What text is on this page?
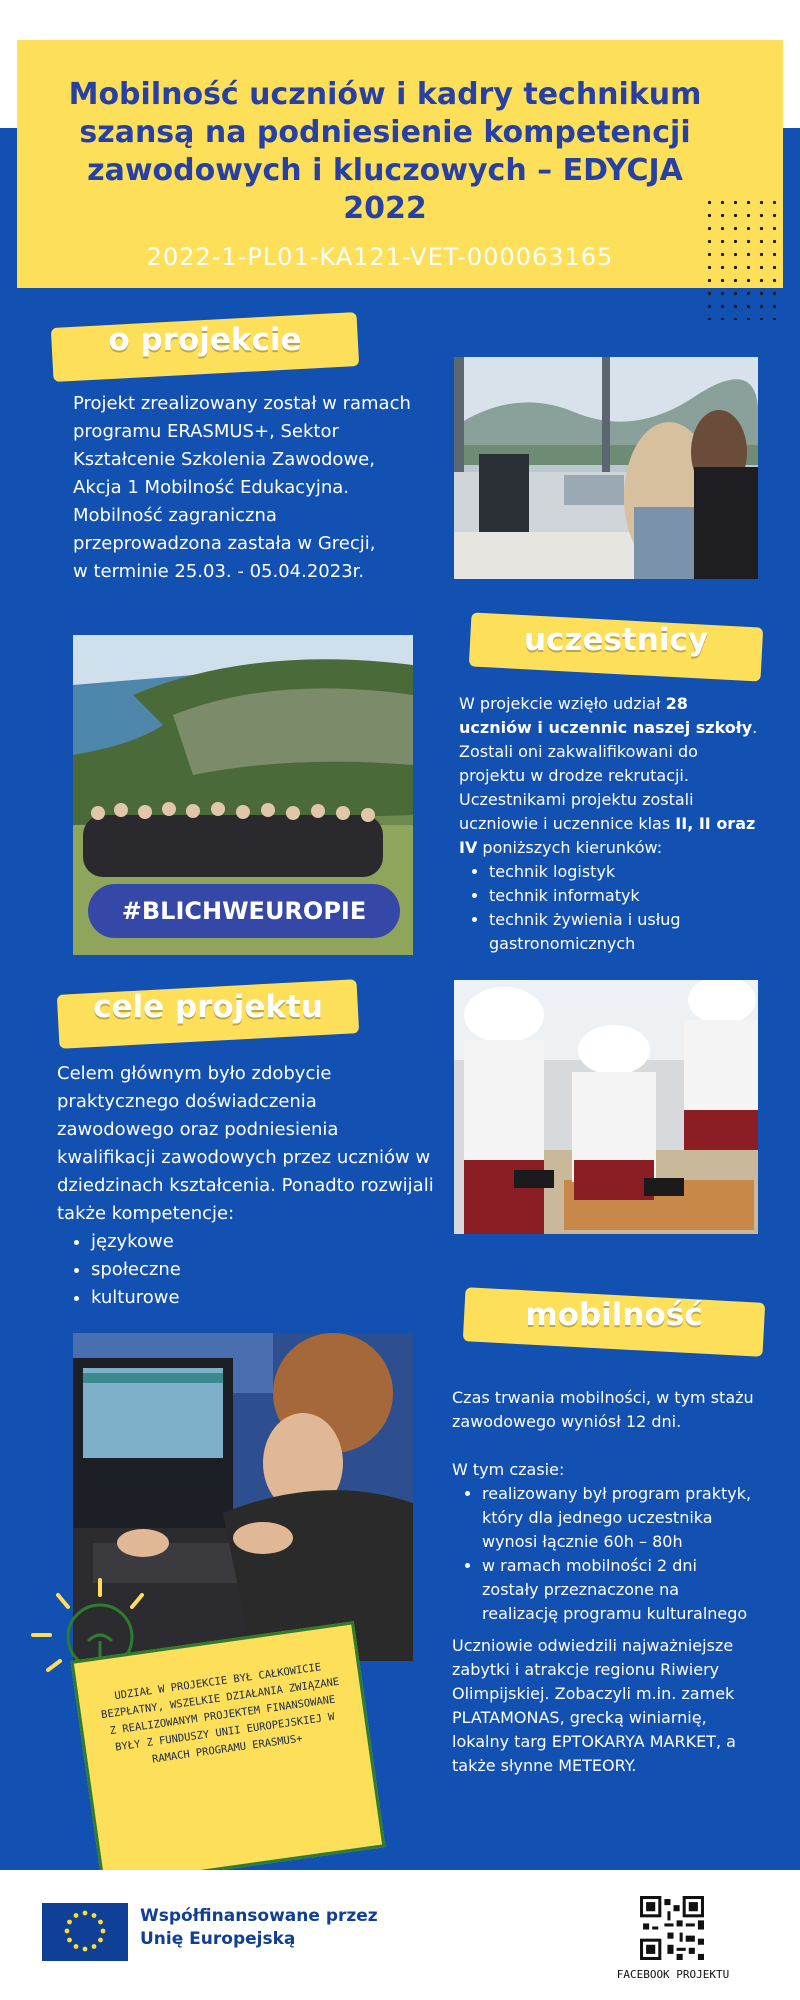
Mobilność uczniów i kadry technikum szansą na podniesienie kompetencji zawodowych i kluczowych – EDYCJA 2022
2022-1-PL01-KA121-VET-000063165
o projekcie

Projekt zrealizowany został w ramach

programu ERASMUS+, Sektor

Kształcenie Szkolenia Zawodowe,

Akcja 1 Mobilność Edukacyjna.

Mobilność zagraniczna

przeprowadzona zastała w Grecji,

w terminie 25.03. - 05.04.2023r.

#BLICHWEUROPIE
uczestnicy

W projekcie wzięło udział 28 uczniów i uczennic naszej szkoły. Zostali oni zakwalifikowani do projektu w drodze rekrutacji. Uczestnikami projektu zostali uczniowie i uczennice klas II, II oraz IV poniższych kierunków:

• technik logistyk
• technik informatyk
• technik żywienia i usług gastronomicznych
cele projektu

Celem głównym było zdobycie praktycznego doświadczenia zawodowego oraz podniesienia kwalifikacji zawodowych przez uczniów w dziedzinach kształcenia. Ponadto rozwijali także kompetencje:

• językowe
• społeczne
• kulturowe	mobilność

Czas trwania mobilności, w tym stażu zawodowego wyniósł 12 dni.

W tym czasie:

• realizowany był program praktyk, który dla jednego uczestnika wynosi łącznie 60h – 80h
• w ramach mobilności 2 dni zostały przeznaczone na realizację programu kulturalnego

Uczniowie odwiedzili najważniejsze zabytki i atrakcje regionu Riwiery Olimpijskiej. Zobaczyli m.in. zamek PLATAMONAS, grecką winiarnię, lokalny targ EPTOKARYA MARKET, a także słynne METEORY.

UDZIAŁ W PROJEKCIE BYŁ CAŁKOWICIE BEZPŁATNY, WSZELKIE DZIAŁANIA ZWIĄZANE Z REALIZOWANYM PROJEKTEM FINANSOWANE BYŁY Z FUNDUSZY UNII EUROPEJSKIEJ W RAMACH PROGRAMU ERASMUS+
Współfinansowane przez
Unię Europejską
FACEBOOK PROJEKTU
